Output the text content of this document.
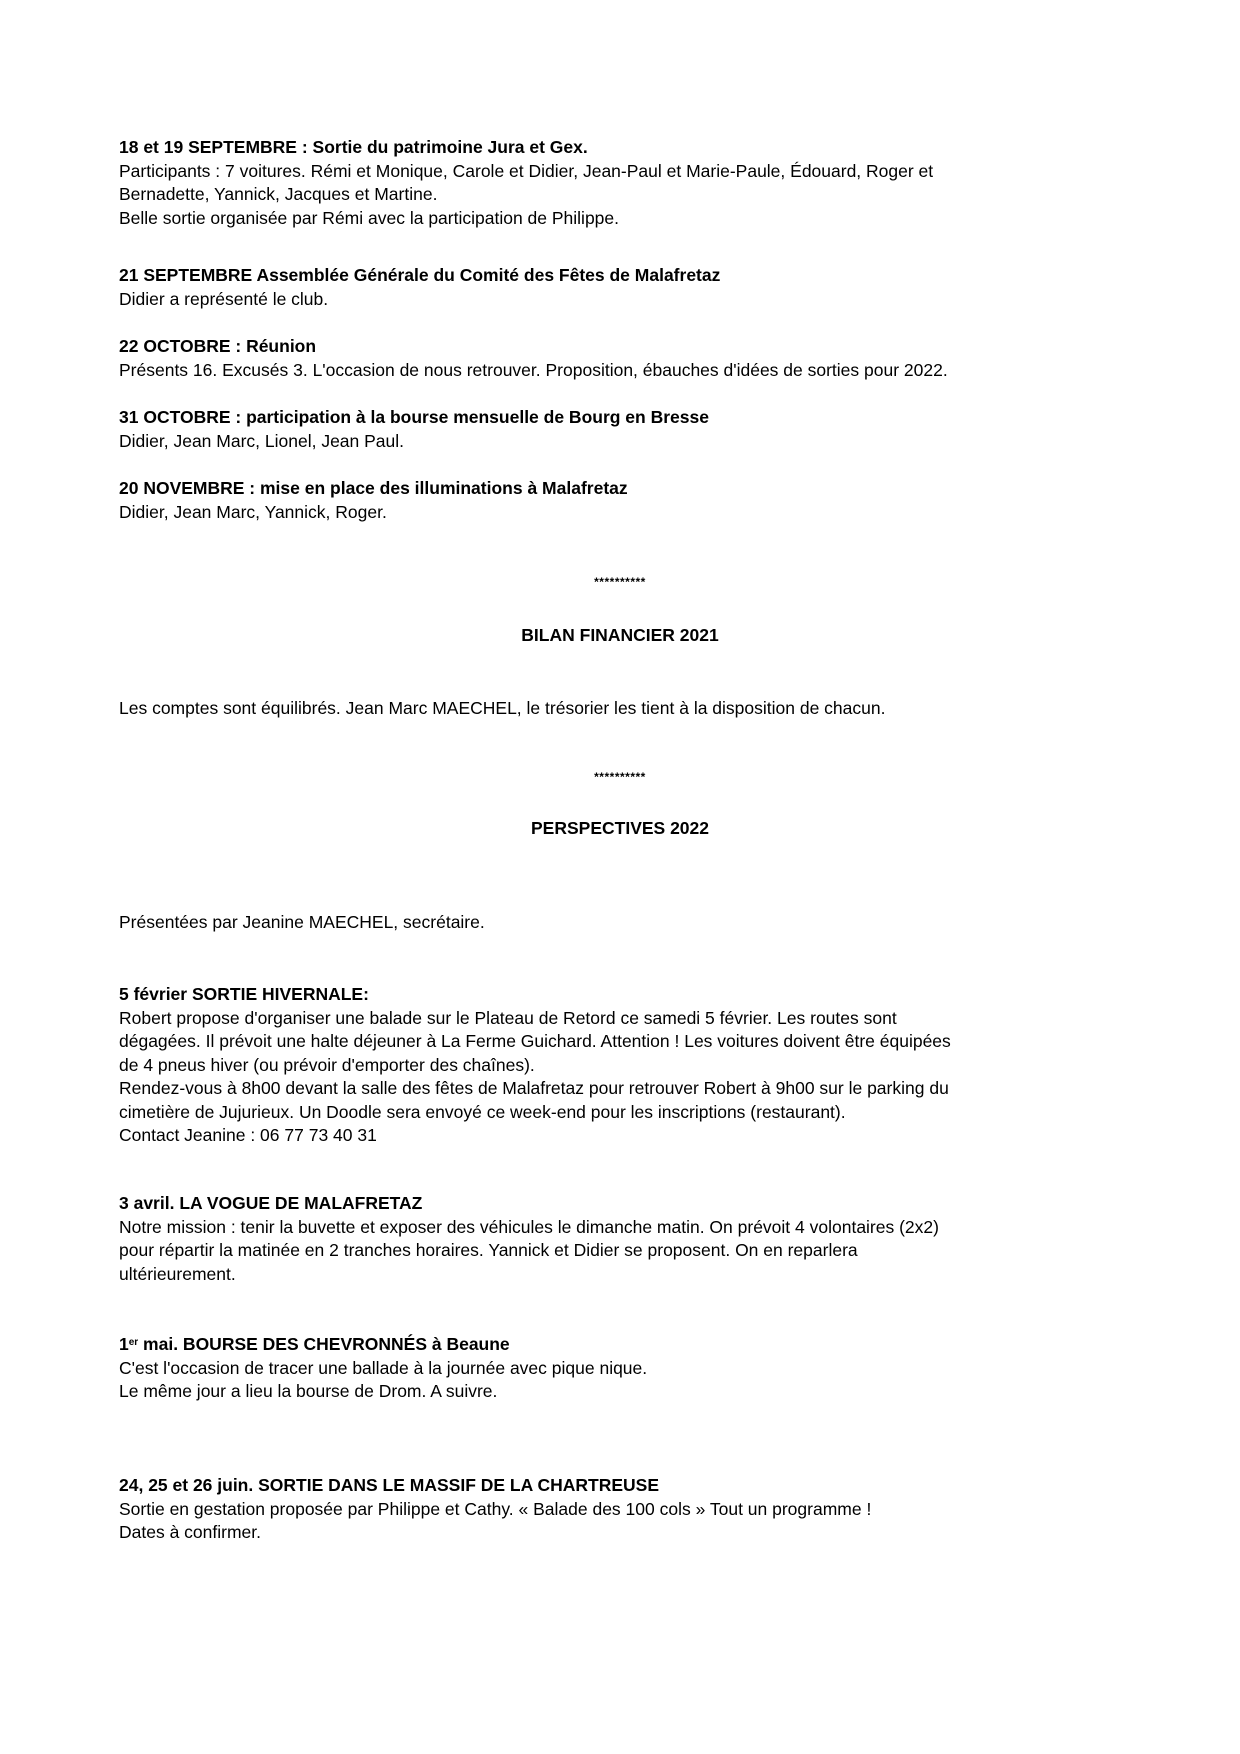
18 et 19 SEPTEMBRE : Sortie du patrimoine Jura et Gex.

Participants : 7 voitures. Rémi et Monique, Carole et Didier, Jean-Paul et Marie-Paule, Édouard, Roger et

Bernadette, Yannick, Jacques et Martine.

Belle sortie organisée par Rémi avec la participation de Philippe.

21 SEPTEMBRE Assemblée Générale du Comité des Fêtes de Malafretaz

Didier a représenté le club.

22 OCTOBRE : Réunion

Présents 16. Excusés 3. L'occasion de nous retrouver. Proposition, ébauches d'idées de sorties pour 2022.

31 OCTOBRE : participation à la bourse mensuelle de Bourg en Bresse

Didier, Jean Marc, Lionel, Jean Paul.

20 NOVEMBRE : mise en place des illuminations à Malafretaz

Didier, Jean Marc, Yannick, Roger.

**********
BILAN FINANCIER 2021

Les comptes sont équilibrés. Jean Marc MAECHEL, le trésorier les tient à la disposition de chacun.

**********
PERSPECTIVES 2022

Présentées par Jeanine MAECHEL, secrétaire.

5 février SORTIE HIVERNALE:

Robert propose d'organiser une balade sur le Plateau de Retord ce samedi 5 février. Les routes sont

dégagées. Il prévoit une halte déjeuner à La Ferme Guichard. Attention ! Les voitures doivent être équipées

de 4 pneus hiver (ou prévoir d'emporter des chaînes).

Rendez-vous à 8h00 devant la salle des fêtes de Malafretaz pour retrouver Robert à 9h00 sur le parking du

cimetière de Jujurieux. Un Doodle sera envoyé ce week-end pour les inscriptions (restaurant).

Contact Jeanine : 06 77 73 40 31

3 avril. LA VOGUE DE MALAFRETAZ

Notre mission : tenir la buvette et exposer des véhicules le dimanche matin. On prévoit 4 volontaires (2x2)

pour répartir la matinée en 2 tranches horaires. Yannick et Didier se proposent. On en reparlera

ultérieurement.

1er mai. BOURSE DES CHEVRONNÉS à Beaune

C'est l'occasion de tracer une ballade à la journée avec pique nique.

Le même jour a lieu la bourse de Drom. A suivre.

24, 25 et 26 juin. SORTIE DANS LE MASSIF DE LA CHARTREUSE

Sortie en gestation proposée par Philippe et Cathy. « Balade des 100 cols » Tout un programme !

Dates à confirmer.
